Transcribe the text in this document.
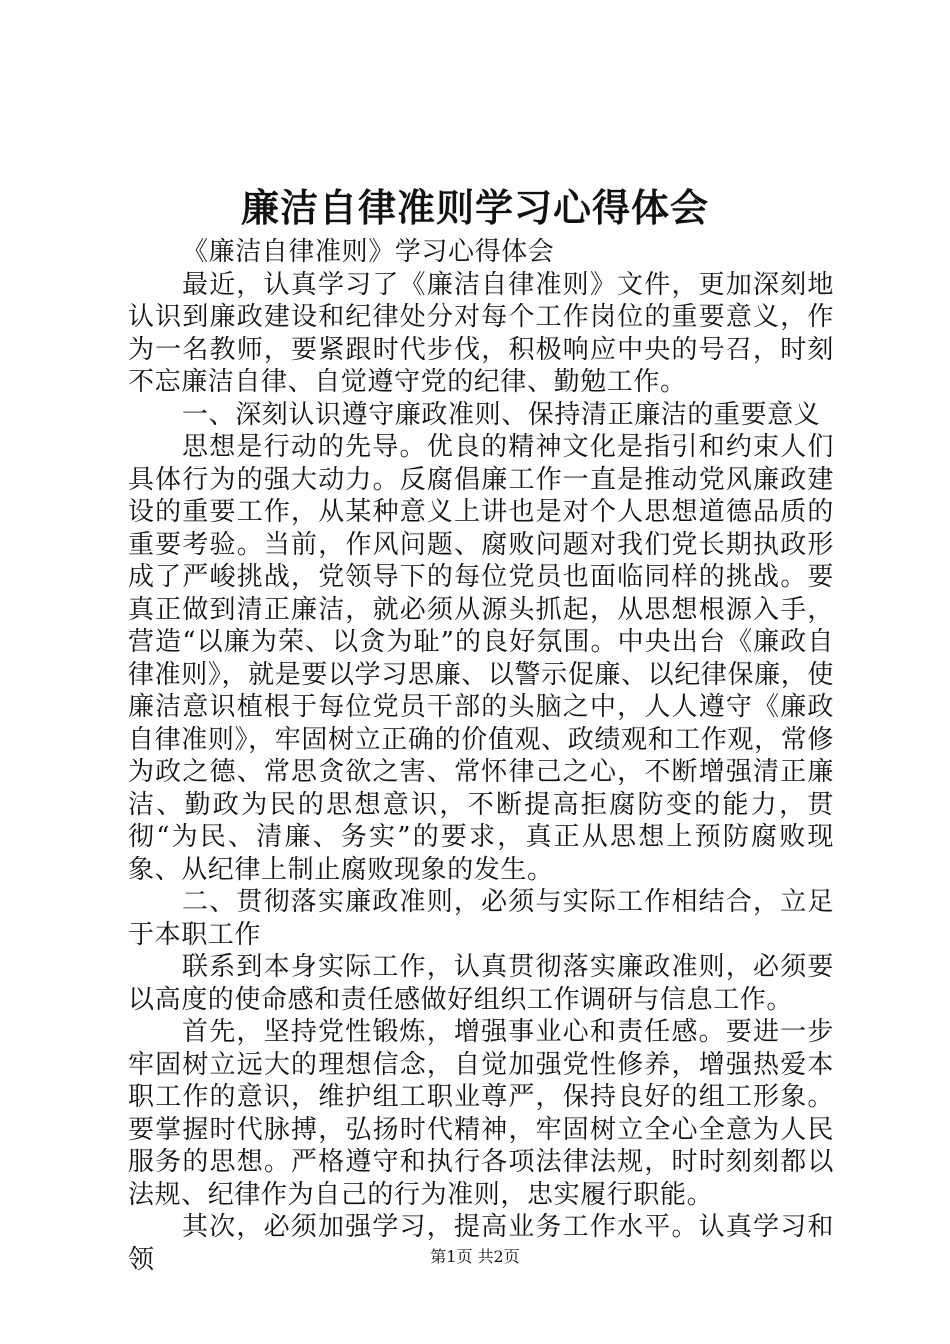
廉洁自律准则学习心得体会

《廉洁自律准则》学习心得体会

最近，认真学习了《廉洁自律准则》文件，更加深刻地认识到廉政建设和纪律处分对每个工作岗位的重要意义，作为一名教师，要紧跟时代步伐，积极响应中央的号召，时刻不忘廉洁自律、自觉遵守党的纪律、勤勉工作。

一、深刻认识遵守廉政准则、保持清正廉洁的重要意义

思想是行动的先导。优良的精神文化是指引和约束人们具体行为的强大动力。反腐倡廉工作一直是推动党风廉政建设的重要工作，从某种意义上讲也是对个人思想道德品质的重要考验。当前，作风问题、腐败问题对我们党长期执政形成了严峻挑战，党领导下的每位党员也面临同样的挑战。要真正做到清正廉洁，就必须从源头抓起，从思想根源入手，营造“以廉为荣、以贪为耻”的良好氛围。中央出台《廉政自律准则》，就是要以学习思廉、以警示促廉、以纪律保廉，使廉洁意识植根于每位党员干部的头脑之中，人人遵守《廉政自律准则》，牢固树立正确的价值观、政绩观和工作观，常修为政之德、常思贪欲之害、常怀律己之心，不断增强清正廉洁、勤政为民的思想意识，不断提高拒腐防变的能力，贯彻“为民、清廉、务实”的要求，真正从思想上预防腐败现象、从纪律上制止腐败现象的发生。

二、贯彻落实廉政准则，必须与实际工作相结合，立足于本职工作

联系到本身实际工作，认真贯彻落实廉政准则，必须要以高度的使命感和责任感做好组织工作调研与信息工作。

首先，坚持党性锻炼，增强事业心和责任感。要进一步牢固树立远大的理想信念，自觉加强党性修养，增强热爱本职工作的意识，维护组工职业尊严，保持良好的组工形象。要掌握时代脉搏，弘扬时代精神，牢固树立全心全意为人民服务的思想。严格遵守和执行各项法律法规，时时刻刻都以法规、纪律作为自己的行为准则，忠实履行职能。

其次，必须加强学习，提高业务工作水平。认真学习和领	第1页 共2页
